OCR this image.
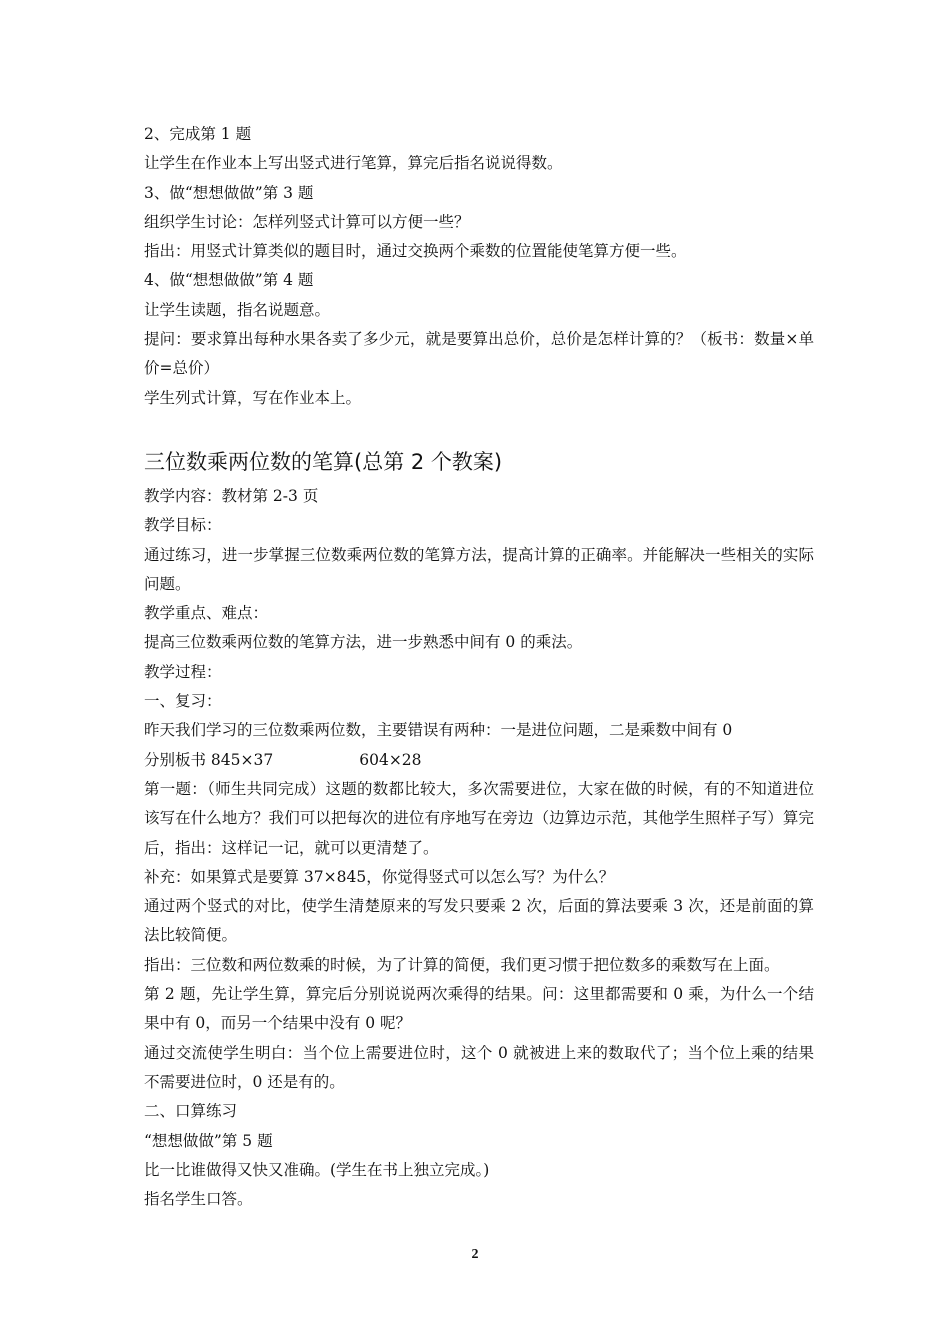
2、完成第 1 题
让学生在作业本上写出竖式进行笔算，算完后指名说说得数。
3、做“想想做做”第 3 题
组织学生讨论：怎样列竖式计算可以方便一些？
指出：用竖式计算类似的题目时，通过交换两个乘数的位置能使笔算方便一些。
4、做“想想做做”第 4 题
让学生读题，指名说题意。
提问：要求算出每种水果各卖了多少元，就是要算出总价，总价是怎样计算的？（板书：数量×单价=总价）
学生列式计算，写在作业本上。
三位数乘两位数的笔算(总第 2 个教案)
教学内容：教材第 2-3 页
教学目标：
通过练习，进一步掌握三位数乘两位数的笔算方法，提高计算的正确率。并能解决一些相关的实际问题。
教学重点、难点：
提高三位数乘两位数的笔算方法，进一步熟悉中间有 0 的乘法。
教学过程：
一、复习：
昨天我们学习的三位数乘两位数，主要错误有两种：一是进位问题，二是乘数中间有 0
分别板书 845×37	604×28
第一题：（师生共同完成）这题的数都比较大，多次需要进位，大家在做的时候，有的不知道进位该写在什么地方？我们可以把每次的进位有序地写在旁边（边算边示范，其他学生照样子写）算完后，指出：这样记一记，就可以更清楚了。
补充：如果算式是要算 37×845，你觉得竖式可以怎么写？为什么？
通过两个竖式的对比，使学生清楚原来的写发只要乘 2 次，后面的算法要乘 3 次，还是前面的算法比较简便。
指出：三位数和两位数乘的时候，为了计算的简便，我们更习惯于把位数多的乘数写在上面。
第 2 题，先让学生算，算完后分别说说两次乘得的结果。问：这里都需要和 0 乘，为什么一个结果中有 0，而另一个结果中没有 0 呢？
通过交流使学生明白：当个位上需要进位时，这个 0 就被进上来的数取代了；当个位上乘的结果不需要进位时，0 还是有的。
二、口算练习
“想想做做”第 5 题
比一比谁做得又快又准确。(学生在书上独立完成。)
指名学生口答。
2
